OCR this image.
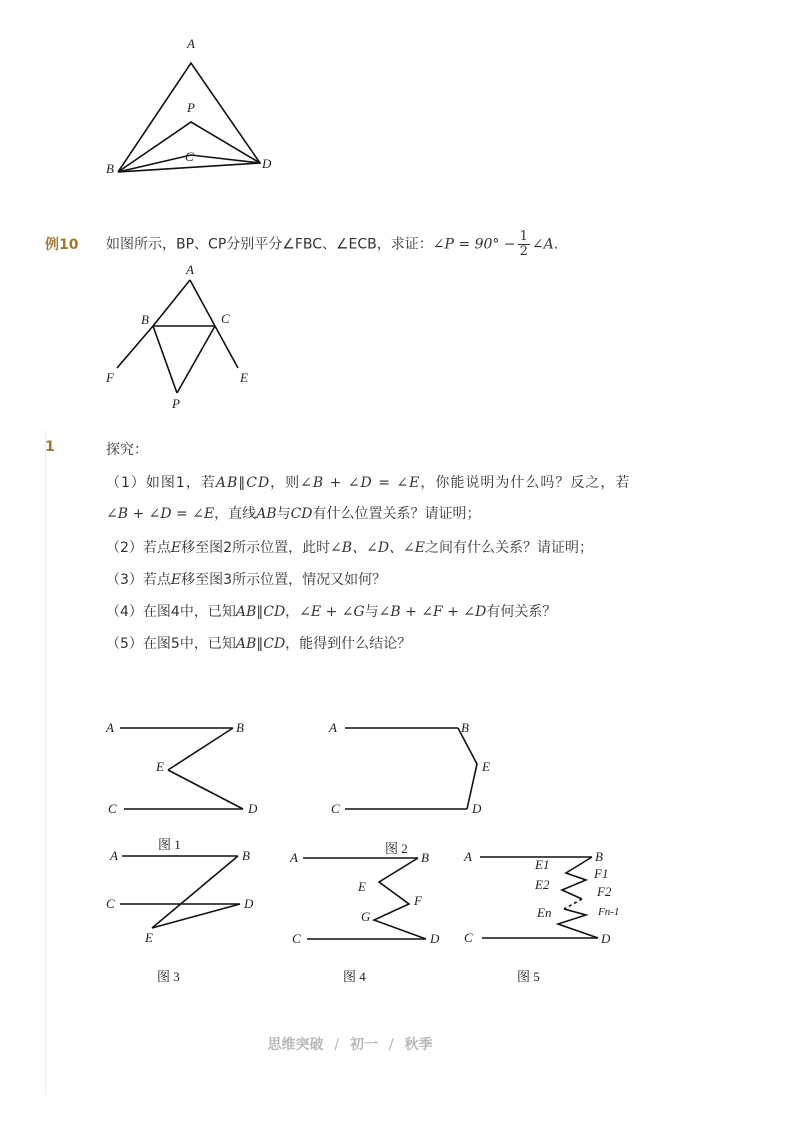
A
P
C
B	D
例10 如图所示，BP、CP分别平分∠FBC、∠ECB，求证：∠P = $90^\circ - \frac{1}{2}$ ∠A.
A
B	C
F	E
P
1	探究：
（1）如图1，若AB∥CD，则∠B + ∠D = ∠E，你能说明为什么吗？反之，若
∠B + ∠D = ∠E，直线AB与CD有什么位置关系？请证明；
（2）若点E移至图2所示位置，此时∠B、∠D、∠E之间有什么关系？请证明；
（3）若点E移至图3所示位置，情况又如何？
（4）在图4中，已知AB∥CD，∠E + ∠G与∠B + ∠F + ∠D有何关系？
（5）在图5中，已知AB∥CD，能得到什么结论？
A	B
E
C	D
图 1
A	B
E
C	D
图 2
A	B
C	D
E
图 3
A	B
E
F
G
C	D
图 4
A	B
E1
F1
E2	F2
En	Fn-1
C	D
图 5
思维突破 / 初一 / 秋季
